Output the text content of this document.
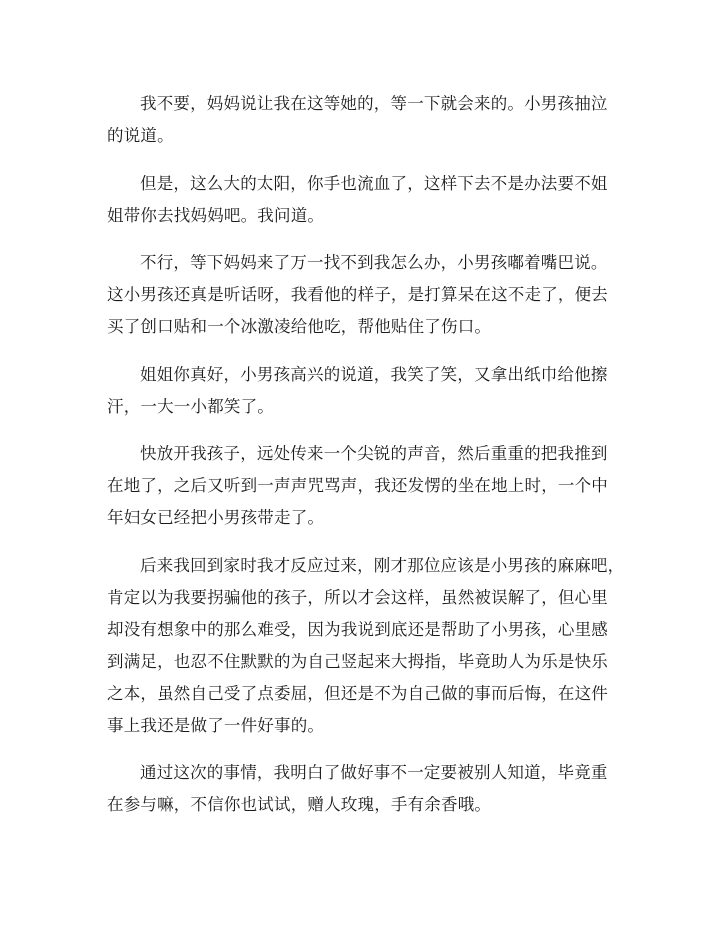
我不要，妈妈说让我在这等她的，等一下就会来的。小男孩抽泣
的说道。
但是，这么大的太阳，你手也流血了，这样下去不是办法要不姐
姐带你去找妈妈吧。我问道。
不行，等下妈妈来了万一找不到我怎么办，小男孩嘟着嘴巴说。
这小男孩还真是听话呀，我看他的样子，是打算呆在这不走了，便去
买了创口贴和一个冰激凌给他吃，帮他贴住了伤口。
姐姐你真好，小男孩高兴的说道，我笑了笑，又拿出纸巾给他擦
汗，一大一小都笑了。
快放开我孩子，远处传来一个尖锐的声音，然后重重的把我推到
在地了，之后又听到一声声咒骂声，我还发愣的坐在地上时，一个中
年妇女已经把小男孩带走了。
后来我回到家时我才反应过来，刚才那位应该是小男孩的麻麻吧，
肯定以为我要拐骗他的孩子，所以才会这样，虽然被误解了，但心里
却没有想象中的那么难受，因为我说到底还是帮助了小男孩，心里感
到满足，也忍不住默默的为自己竖起来大拇指，毕竟助人为乐是快乐
之本，虽然自己受了点委屈，但还是不为自己做的事而后悔，在这件
事上我还是做了一件好事的。
通过这次的事情，我明白了做好事不一定要被别人知道，毕竟重
在参与嘛，不信你也试试，赠人玫瑰，手有余香哦。
